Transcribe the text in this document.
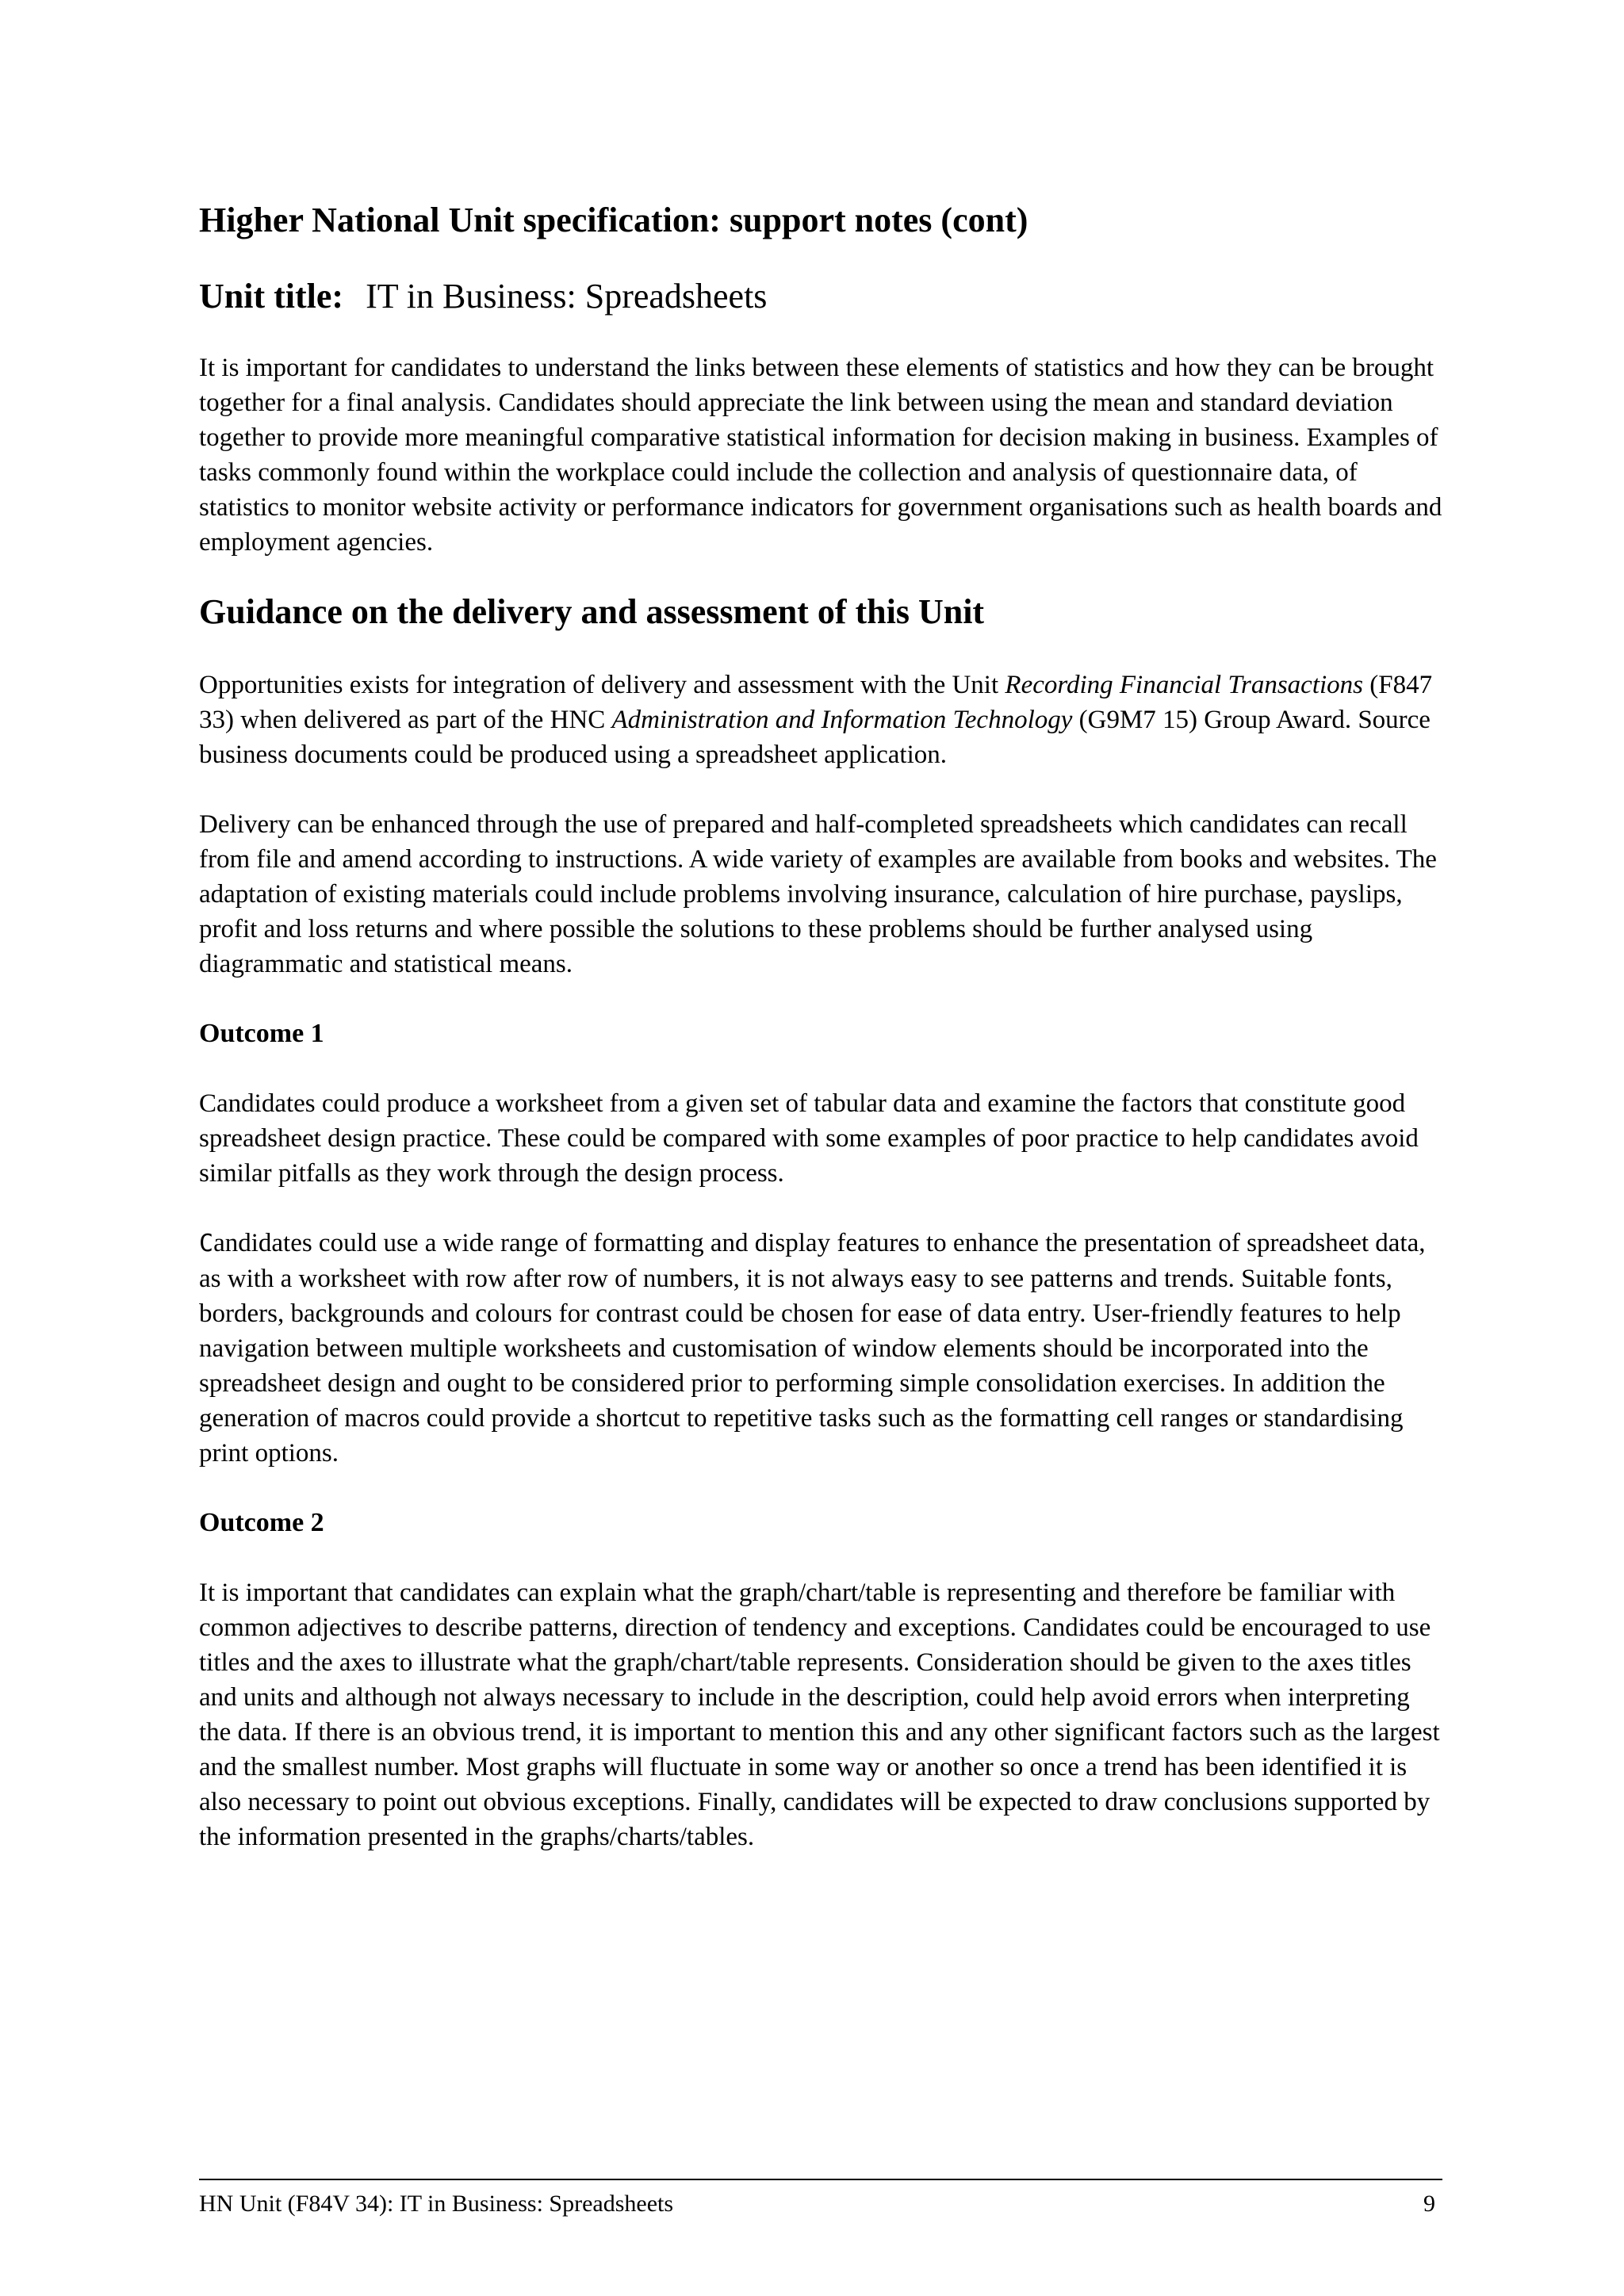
Higher National Unit specification: support notes (cont)
Unit title: IT in Business: Spreadsheets

It is important for candidates to understand the links between these elements of statistics and how they can be brought together for a final analysis. Candidates should appreciate the link between using the mean and standard deviation together to provide more meaningful comparative statistical information for decision making in business. Examples of tasks commonly found within the workplace could include the collection and analysis of questionnaire data, of statistics to monitor website activity or performance indicators for government organisations such as health boards and employment agencies.

Guidance on the delivery and assessment of this Unit

Opportunities exists for integration of delivery and assessment with the Unit Recording Financial Transactions (F847 33) when delivered as part of the HNC Administration and Information Technology (G9M7 15) Group Award. Source business documents could be produced using a spreadsheet application.

Delivery can be enhanced through the use of prepared and half-completed spreadsheets which candidates can recall from file and amend according to instructions. A wide variety of examples are available from books and websites. The adaptation of existing materials could include problems involving insurance, calculation of hire purchase, payslips, profit and loss returns and where possible the solutions to these problems should be further analysed using diagrammatic and statistical means.

Outcome 1

Candidates could produce a worksheet from a given set of tabular data and examine the factors that constitute good spreadsheet design practice. These could be compared with some examples of poor practice to help candidates avoid similar pitfalls as they work through the design process.

Candidates could use a wide range of formatting and display features to enhance the presentation of spreadsheet data, as with a worksheet with row after row of numbers, it is not always easy to see patterns and trends. Suitable fonts, borders, backgrounds and colours for contrast could be chosen for ease of data entry. User-friendly features to help navigation between multiple worksheets and customisation of window elements should be incorporated into the spreadsheet design and ought to be considered prior to performing simple consolidation exercises. In addition the generation of macros could provide a shortcut to repetitive tasks such as the formatting cell ranges or standardising print options.

Outcome 2

It is important that candidates can explain what the graph/chart/table is representing and therefore be familiar with common adjectives to describe patterns, direction of tendency and exceptions. Candidates could be encouraged to use titles and the axes to illustrate what the graph/chart/table represents. Consideration should be given to the axes titles and units and although not always necessary to include in the description, could help avoid errors when interpreting the data. If there is an obvious trend, it is important to mention this and any other significant factors such as the largest and the smallest number. Most graphs will fluctuate in some way or another so once a trend has been identified it is also necessary to point out obvious exceptions. Finally, candidates will be expected to draw conclusions supported by the information presented in the graphs/charts/tables.

HN Unit (F84V 34): IT in Business: Spreadsheets	9
